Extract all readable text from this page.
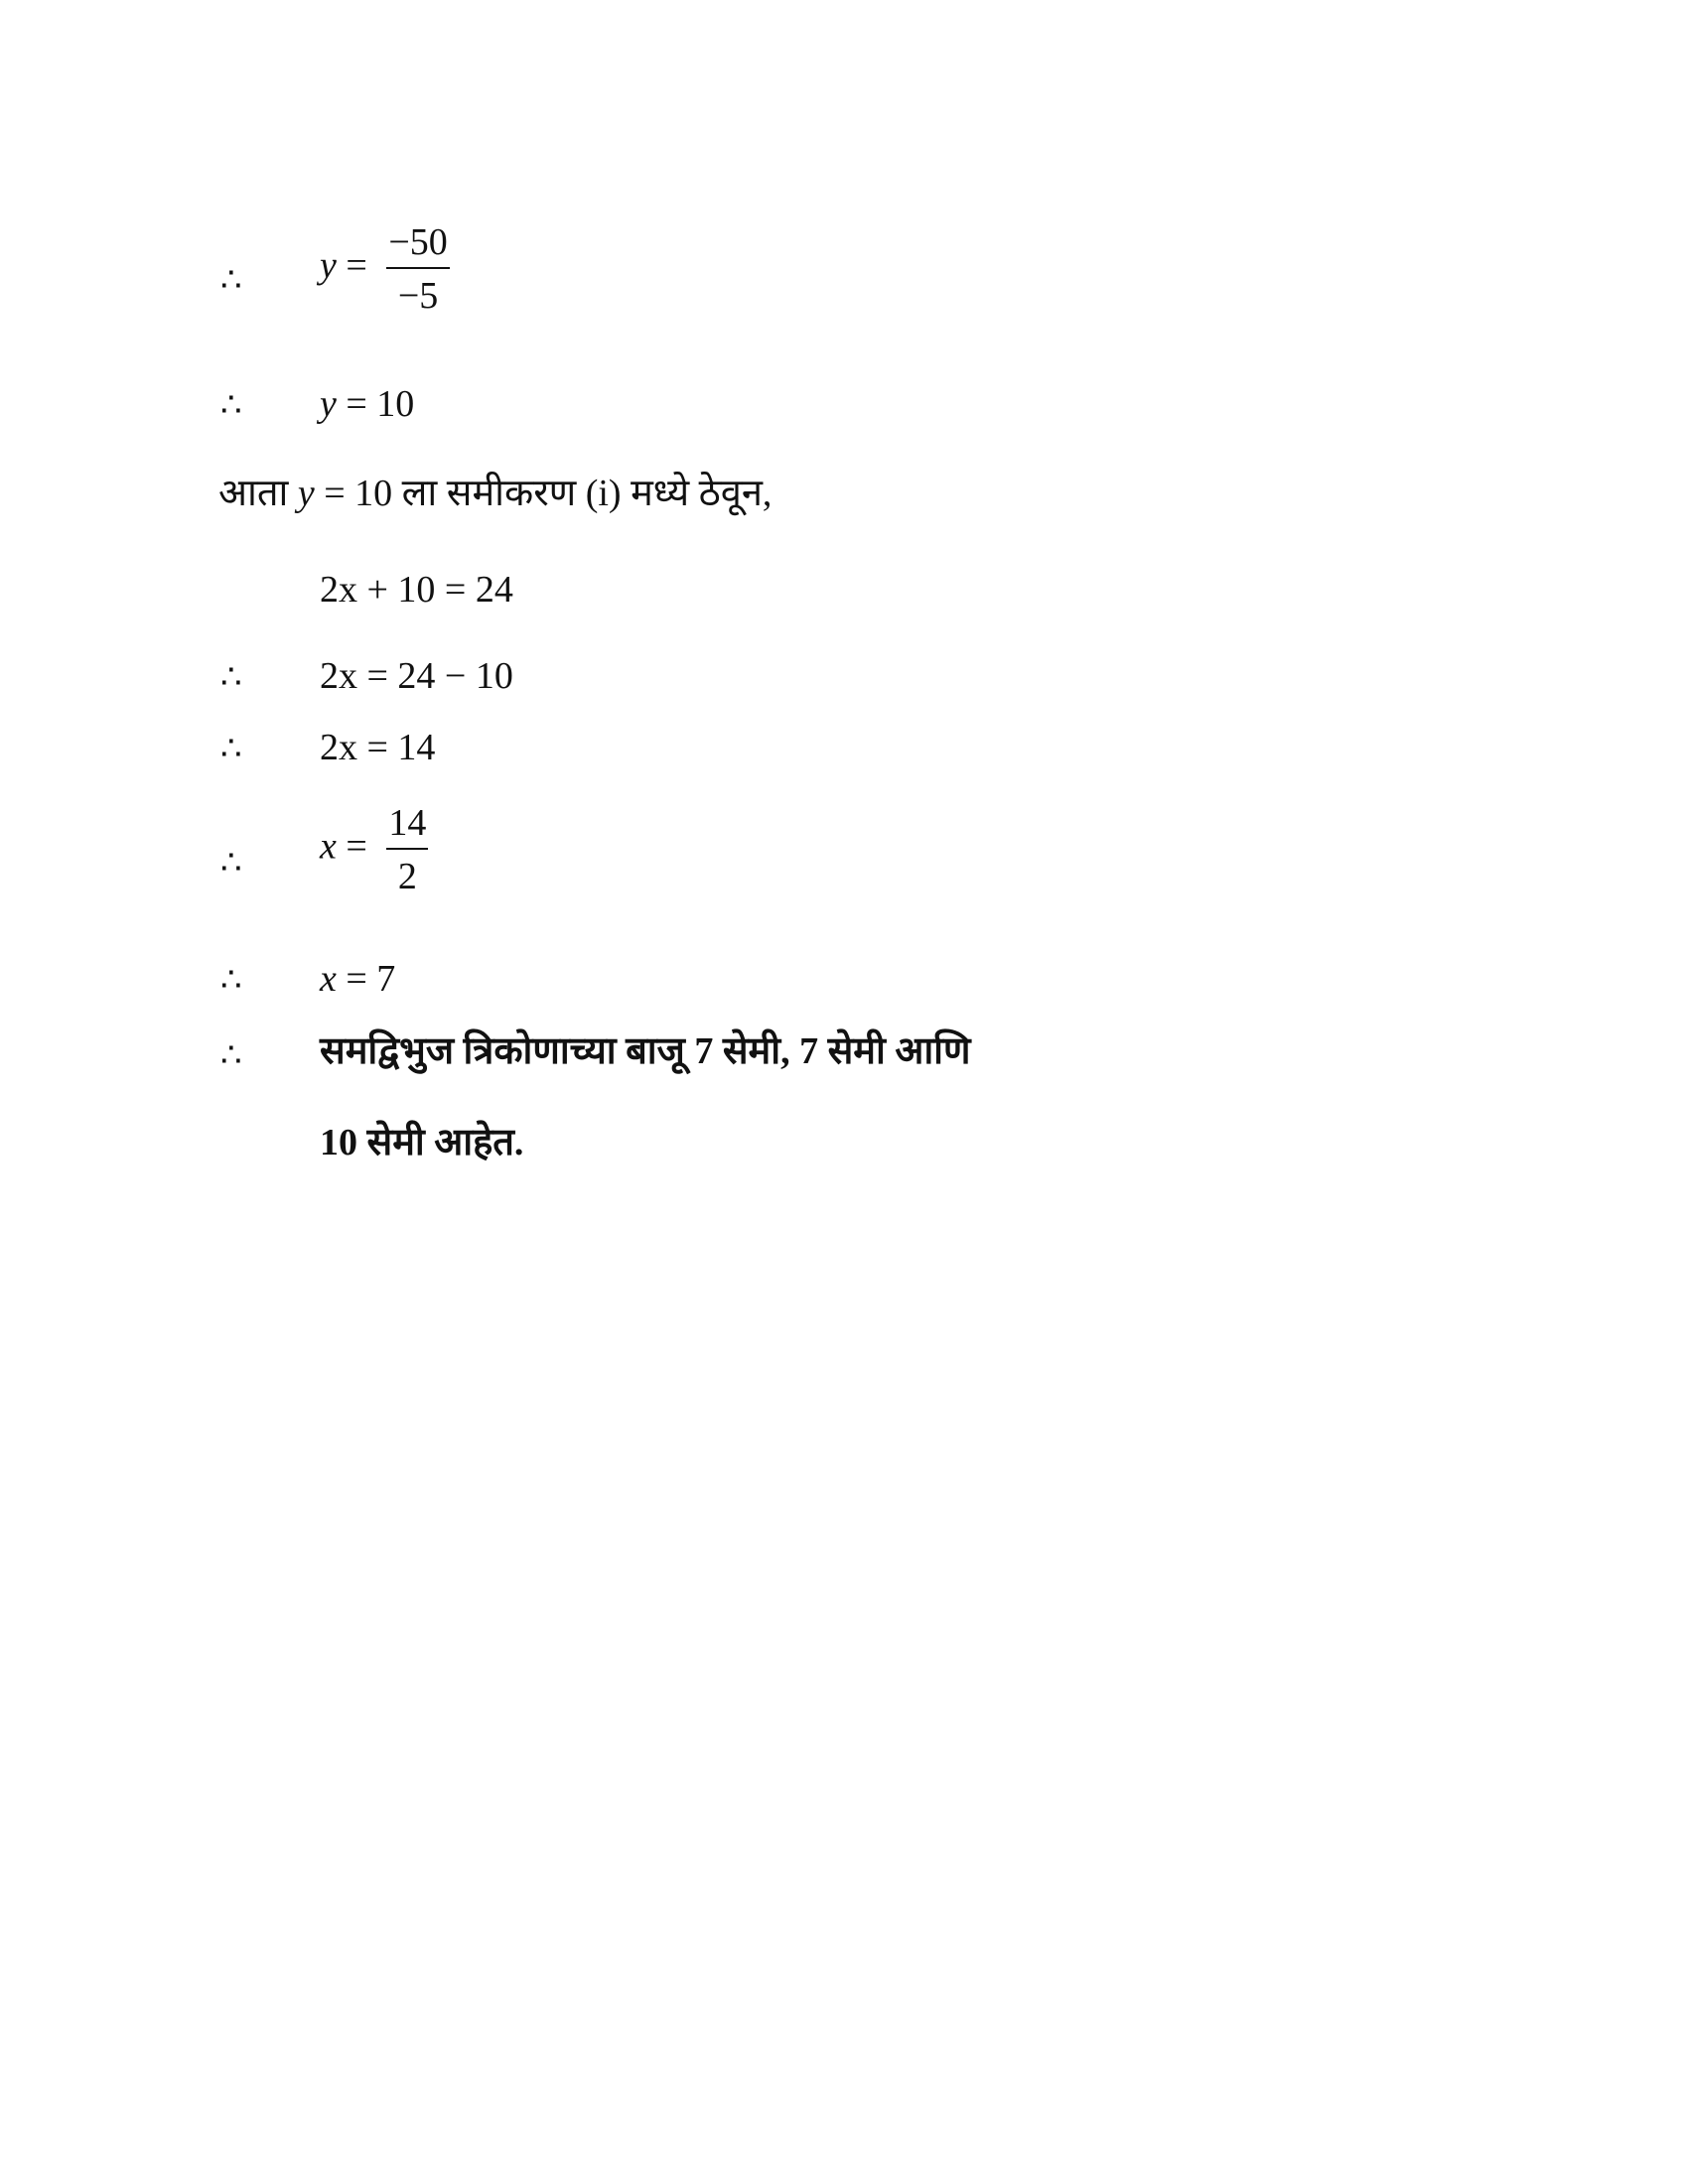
∴ $y = \frac{-50}{-5}$
∴ y = 10
आता y = 10 ला समीकरण (i) मध्ये ठेवून,
2x + 10 = 24
∴ 2x = 24 − 10
∴ 2x = 14
∴ $x = \frac{14}{2}$
∴ x = 7
∴ समद्विभुज त्रिकोणाच्या बाजू 7 सेमी, 7 सेमी आणि
10 सेमी आहेत.
